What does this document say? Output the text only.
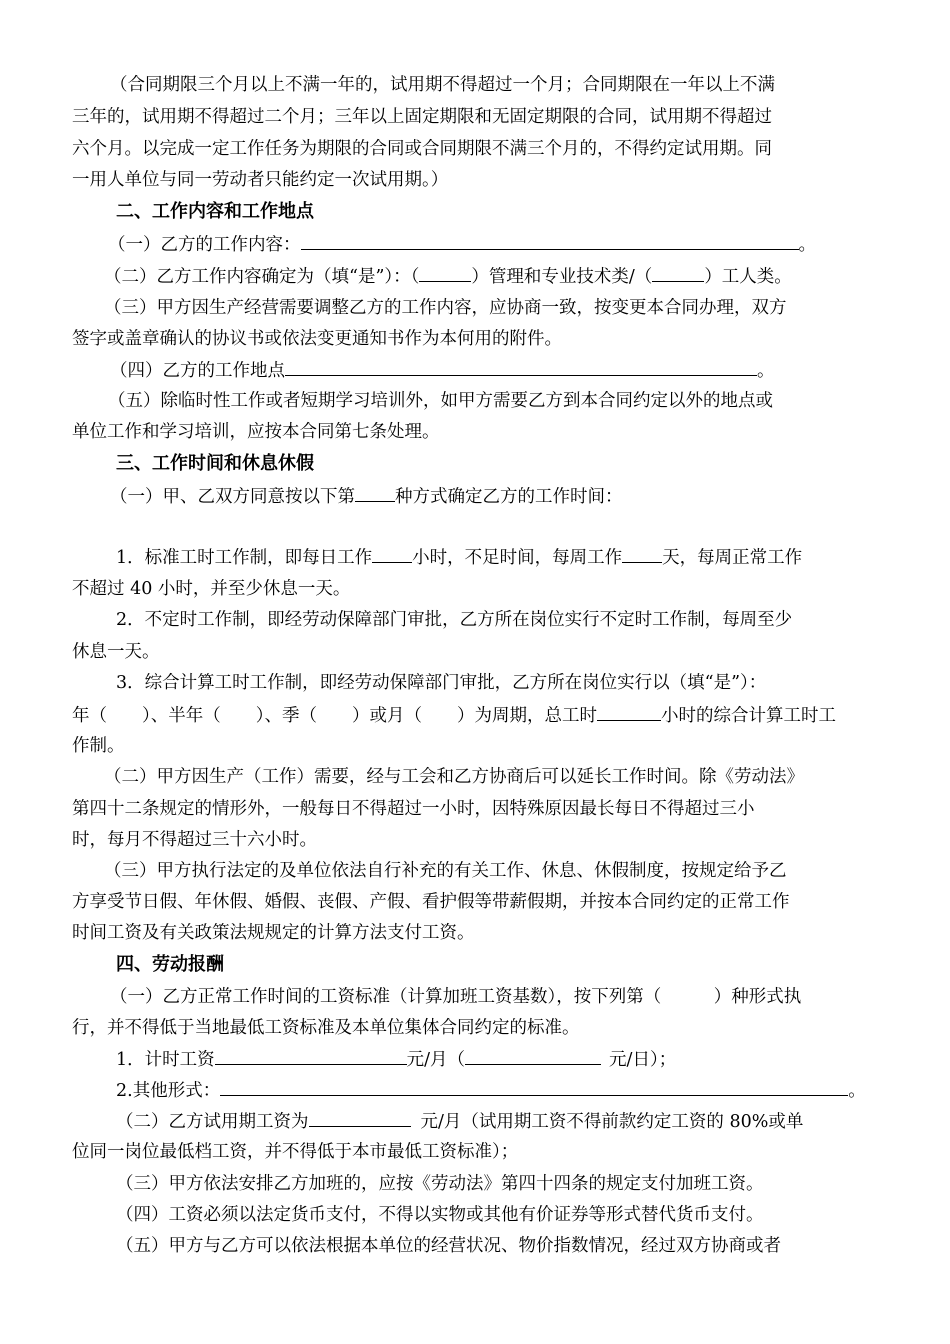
（合同期限三个月以上不满一年的，试用期不得超过一个月；合同期限在一年以上不满
三年的，试用期不得超过二个月；三年以上固定期限和无固定期限的合同，试用期不得超过
六个月。以完成一定工作任务为期限的合同或合同期限不满三个月的，不得约定试用期。同
一用人单位与同一劳动者只能约定一次试用期。）
二、工作内容和工作地点
（一）乙方的工作内容：	。
（二）乙方工作内容确定为（填“是”）：（	）管理和专业技术类/（	）工人类。
（三）甲方因生产经营需要调整乙方的工作内容，应协商一致，按变更本合同办理，双方
签字或盖章确认的协议书或依法变更通知书作为本何用的附件。
（四）乙方的工作地点	。
（五）除临时性工作或者短期学习培训外，如甲方需要乙方到本合同约定以外的地点或
单位工作和学习培训，应按本合同第七条处理。
三、工作时间和休息休假
（一）甲、乙双方同意按以下第 种方式确定乙方的工作时间：
1．标准工时工作制，即每日工作 小时，不足时间，每周工作 天，每周正常工作
不超过 40 小时，并至少休息一天。
2．不定时工作制，即经劳动保障部门审批，乙方所在岗位实行不定时工作制，每周至少
休息一天。
3．综合计算工时工作制，即经劳动保障部门审批，乙方所在岗位实行以（填“是”）：
年（　　）、半年（　　）、季（　　）或月（　　）为周期，总工时	小时的综合计算工时工
作制。
（二）甲方因生产（工作）需要，经与工会和乙方协商后可以延长工作时间。除《劳动法》
第四十二条规定的情形外，一般每日不得超过一小时，因特殊原因最长每日不得超过三小
时，每月不得超过三十六小时。
（三）甲方执行法定的及单位依法自行补充的有关工作、休息、休假制度，按规定给予乙
方享受节日假、年休假、婚假、丧假、产假、看护假等带薪假期，并按本合同约定的正常工作
时间工资及有关政策法规规定的计算方法支付工资。
四、劳动报酬
（一）乙方正常工作时间的工资标准（计算加班工资基数），按下列第（　　　）种形式执
行，并不得低于当地最低工资标准及本单位集体合同约定的标准。
1．计时工资	元/月（	元/日）；
2.其他形式：	。
（二）乙方试用期工资为	元/月（试用期工资不得前款约定工资的 80%或单
位同一岗位最低档工资，并不得低于本市最低工资标准）；
（三）甲方依法安排乙方加班的，应按《劳动法》第四十四条的规定支付加班工资。
（四）工资必须以法定货币支付，不得以实物或其他有价证券等形式替代货币支付。
（五）甲方与乙方可以依法根据本单位的经营状况、物价指数情况，经过双方协商或者
